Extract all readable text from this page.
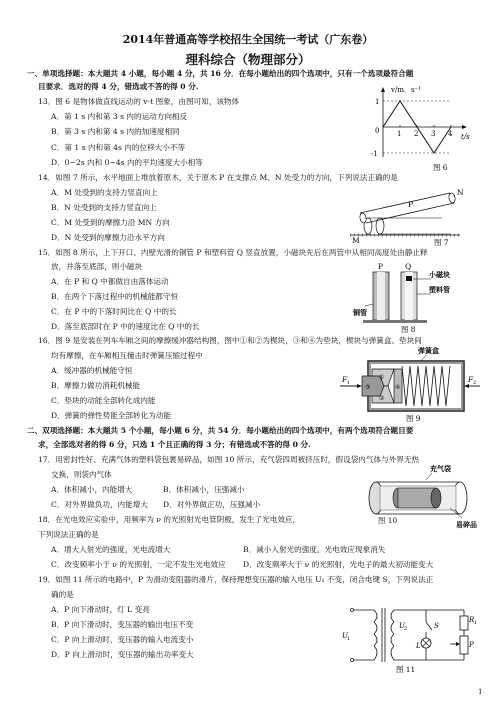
2014年普通高等学校招生全国统一考试（广东卷）
理科综合（物理部分）
一、单项选择题：本大题共 4 小题，每小题 4 分，共 16 分．在每小题给出的四个选项中，只有一个选项最符合题
目要求．选对的得 4 分，错选或不答的得 0 分.
13．图 6 是物体做直线运动的 v-t 图象，由图可知，该物体
A．第 1 s 内和第 3 s 内的运动方向相反
B．第 3 s 内和第 4 s 内的加速度相同
C．第 1 s 内和第 4s 内的位移大小不等
D．0~2s 内和 0~4s 内的平均速度大小相等
v/m．s⁻¹
t/s
1
-1
0	1 2 3 4
图 6
14．如图 7 所示，水平地面上堆放着原木，关于原木 P 在支撑点 M、N 处受力的方向，下列说法正确的是
A．M 处受到的支持力竖直向上
B．N 处受到的支持力竖直向上
C．M 处受到的摩擦力沿 MN 方向
D．N 处受到的摩擦力沿水平方向
N
P
M	图 7
15．如图 8 所示，上下开口、内壁光滑的铜管 P 和塑料管 Q 竖直放置，小磁块先后在两管中从相同高度处由静止释
放，并落至底部，则小磁块
A．在 P 和 Q 中都做自由落体运动
B．在两个下落过程中的机械能都守恒
C．在 P 中的下落时间比在 Q 中的长
D．落至底部时在 P 中的速度比在 Q 中的长
P	Q
小磁块
塑料管
铜管
图 8
16．图 9 是安装在列车车厢之间的摩擦缓冲器结构图，图中①和②为楔块，③和④为垫块，楔块与弹簧盒、垫块间
均有摩擦，在车厢相互撞击时弹簧压缩过程中
A．缓冲器的机械能守恒
B．摩擦力做功消耗机械能
C．垫块的动能全部转化成内能
D．弹簧的弹性势能全部转化为动能
弹簧盒
F 1	F 2
①
②
③	④
图 9
二、双项选择题：本大题共 5 个小题，每小题 6 分，共 54 分．每小题给出的四个选项中，有两个选项符合题目要
求，全部选对者的得 6 分，只选 1 个且正确的得 3 分；有错选或不答的得 0 分.
17．用密封性好、充满气体的塑料袋包裹易碎品，如图 10 所示，充气袋四周被挤压时，假设袋内气体与外界无热
交换，则袋内气体
A．体积减小，内能增大	B．体积减小，压强减小
C．对外界做负功，内能增大 D．对外界做正功，压强减小
充气袋
易碎品
图 10
18．在光电效应实验中，用频率为 ν 的光照射光电管阴极，发生了光电效应，
下列说法正确的是
A．增大入射光的强度，光电流增大	B．减小入射光的强度，光电效应现象消失
C．改变频率小于 ν 的光照射，一定不发生光电效应 D．改变频率大于 ν 的光照射，光电子的最大初动能变大
19．如图 11 所示的电路中，P 为滑动变阻器的滑片，保持理想变压器的输入电压 U₁ 不变，闭合电键 S，下列说法正
确的是
A．P 向下滑动时，灯 L 变亮
B．P 向下滑动时，变压器的输出电压不变
C．P 向上滑动时，变压器的输入电流变小
D．P 向上滑动时，变压器的输出功率变大
U 1
U 2	S
L
R 1
P
图 11
1
